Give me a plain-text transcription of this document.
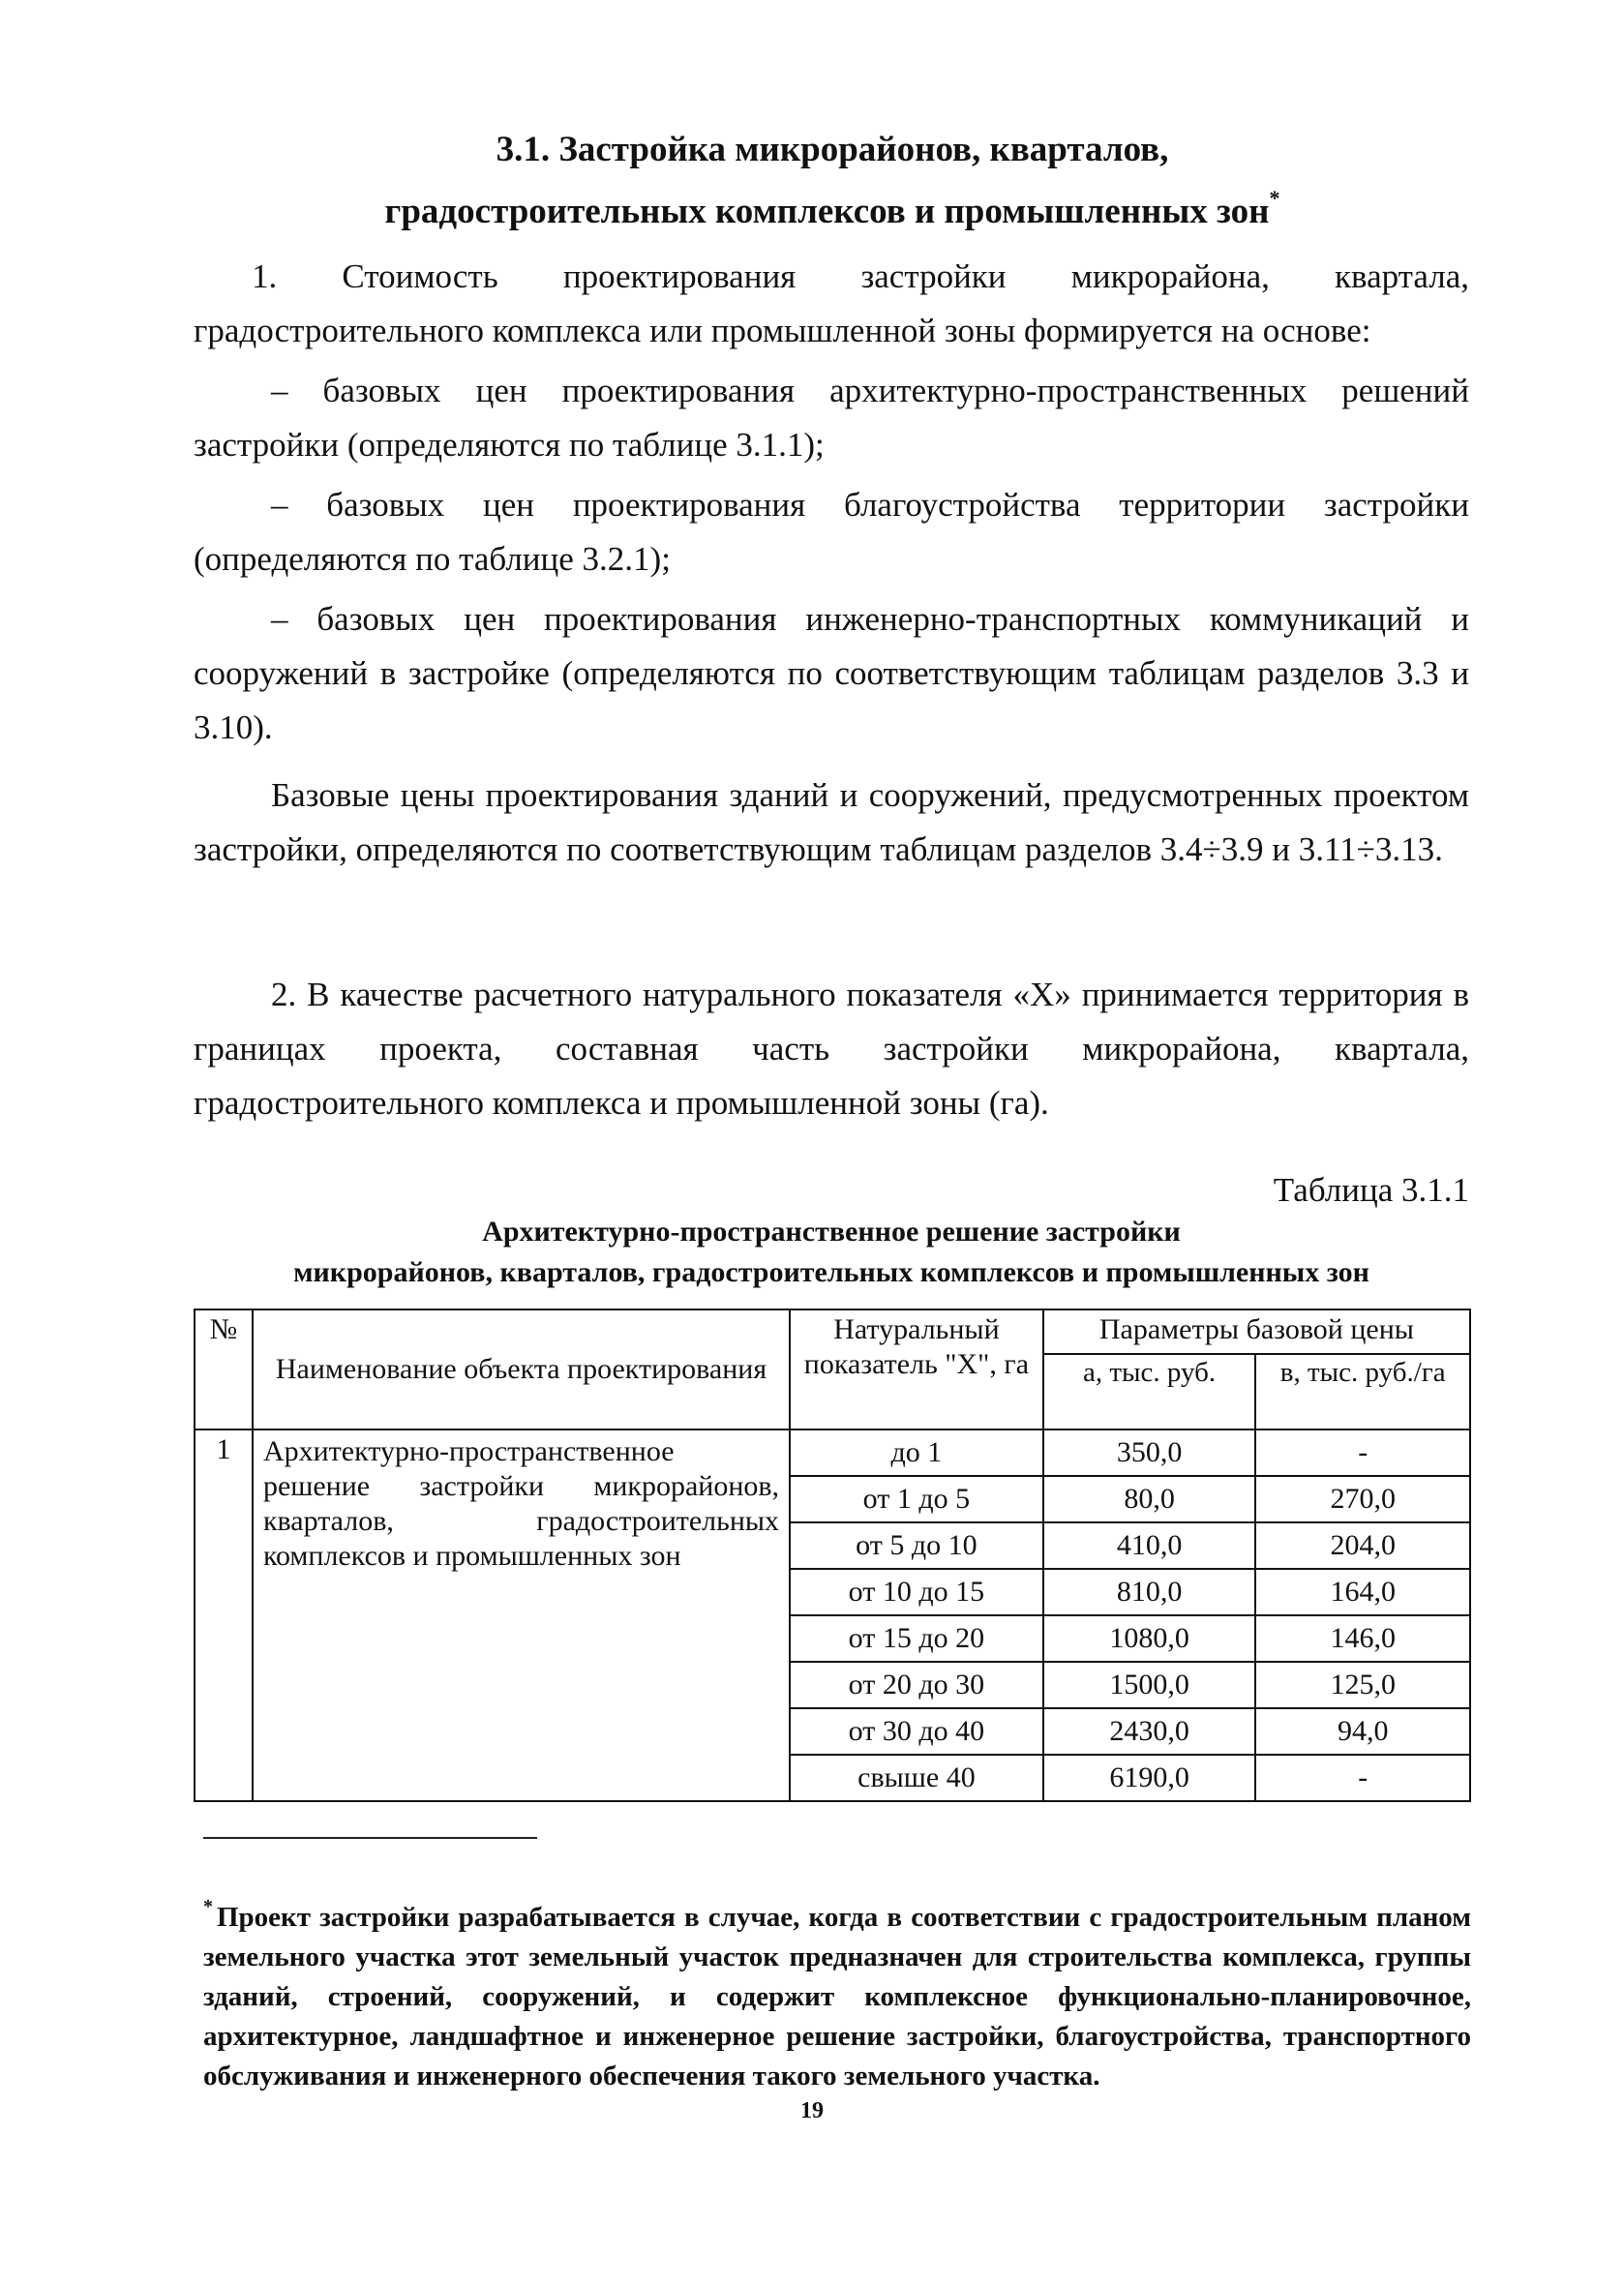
3.1. Застройка микрорайонов, кварталов,
градостроительных комплексов и промышленных зон*
1. Стоимость проектирования застройки микрорайона, квартала, градостроительного комплекса или промышленной зоны формируется на основе:
– базовых цен проектирования архитектурно-пространственных решений застройки (определяются по таблице 3.1.1);
– базовых цен проектирования благоустройства территории застройки (определяются по таблице 3.2.1);
– базовых цен проектирования инженерно-транспортных коммуникаций и сооружений в застройке (определяются по соответствующим таблицам разделов 3.3 и 3.10).
Базовые цены проектирования зданий и сооружений, предусмотренных проектом застройки, определяются по соответствующим таблицам разделов 3.4÷3.9 и 3.11÷3.13.
2. В качестве расчетного натурального показателя «Х» принимается территория в границах проекта, составная часть застройки микрорайона, квартала, градостроительного комплекса и промышленной зоны (га).
Таблица 3.1.1
Архитектурно-пространственное решение застройки
микрорайонов, кварталов, градостроительных комплексов и промышленных зон
№	Наименование объекта проектирования	Натуральный показатель "Х", га	Параметры базовой цены	
			а, тыс. руб.	в, тыс. руб./га
1	Архитектурно-пространственное решение застройки микрорайонов, кварталов, градостроительных комплексов и промышленных зон	до 1	350,0	-
		от 1 до 5	80,0	270,0
		от 5 до 10	410,0	204,0
		от 10 до 15	810,0	164,0
		от 15 до 20	1080,0	146,0
		от 20 до 30	1500,0	125,0
		от 30 до 40	2430,0	94,0
		свыше 40	6190,0	-
* Проект застройки разрабатывается в случае, когда в соответствии с градостроительным планом земельного участка этот земельный участок предназначен для строительства комплекса, группы зданий, строений, сооружений, и содержит комплексное функционально-планировочное, архитектурное, ландшафтное и инженерное решение застройки, благоустройства, транспортного обслуживания и инженерного обеспечения такого земельного участка.
19
